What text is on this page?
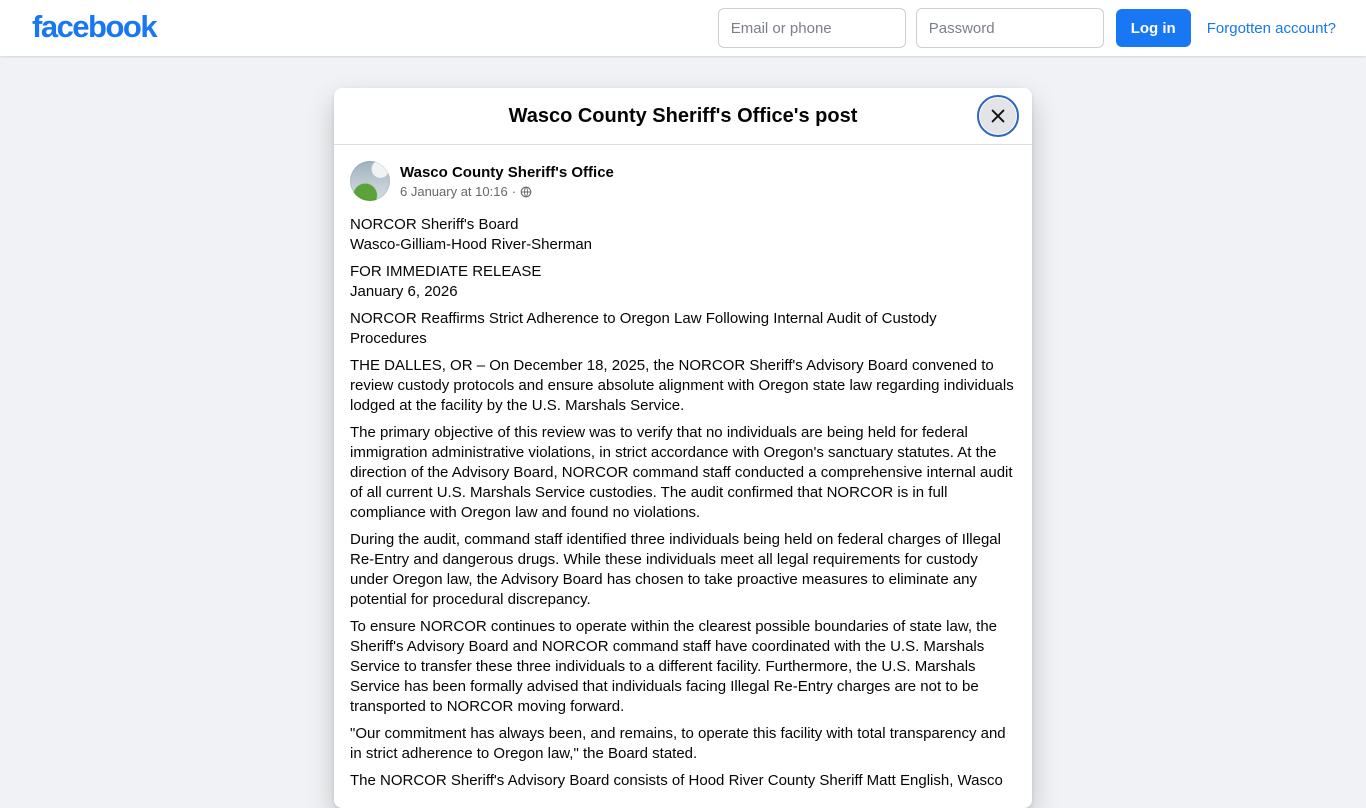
facebook
Email or phone	Log in	Forgotten account?
Wasco County Sheriff's Office's post
Wasco County Sheriff's Office
6 January at 10:16 ·

NORCOR Sheriff's Board
Wasco-Gilliam-Hood River-Sherman

FOR IMMEDIATE RELEASE
January 6, 2026

NORCOR Reaffirms Strict Adherence to Oregon Law Following Internal Audit of Custody Procedures

THE DALLES, OR – On December 18, 2025, the NORCOR Sheriff's Advisory Board convened to review custody protocols and ensure absolute alignment with Oregon state law regarding individuals lodged at the facility by the U.S. Marshals Service.

The primary objective of this review was to verify that no individuals are being held for federal immigration administrative violations, in strict accordance with Oregon's sanctuary statutes. At the direction of the Advisory Board, NORCOR command staff conducted a comprehensive internal audit of all current U.S. Marshals Service custodies. The audit confirmed that NORCOR is in full compliance with Oregon law and found no violations.

During the audit, command staff identified three individuals being held on federal charges of Illegal Re-Entry and dangerous drugs. While these individuals meet all legal requirements for custody under Oregon law, the Advisory Board has chosen to take proactive measures to eliminate any potential for procedural discrepancy.

To ensure NORCOR continues to operate within the clearest possible boundaries of state law, the Sheriff's Advisory Board and NORCOR command staff have coordinated with the U.S. Marshals Service to transfer these three individuals to a different facility. Furthermore, the U.S. Marshals Service has been formally advised that individuals facing Illegal Re-Entry charges are not to be transported to NORCOR moving forward.

"Our commitment has always been, and remains, to operate this facility with total transparency and in strict adherence to Oregon law," the Board stated.

The NORCOR Sheriff's Advisory Board consists of Hood River County Sheriff Matt English, Wasco
